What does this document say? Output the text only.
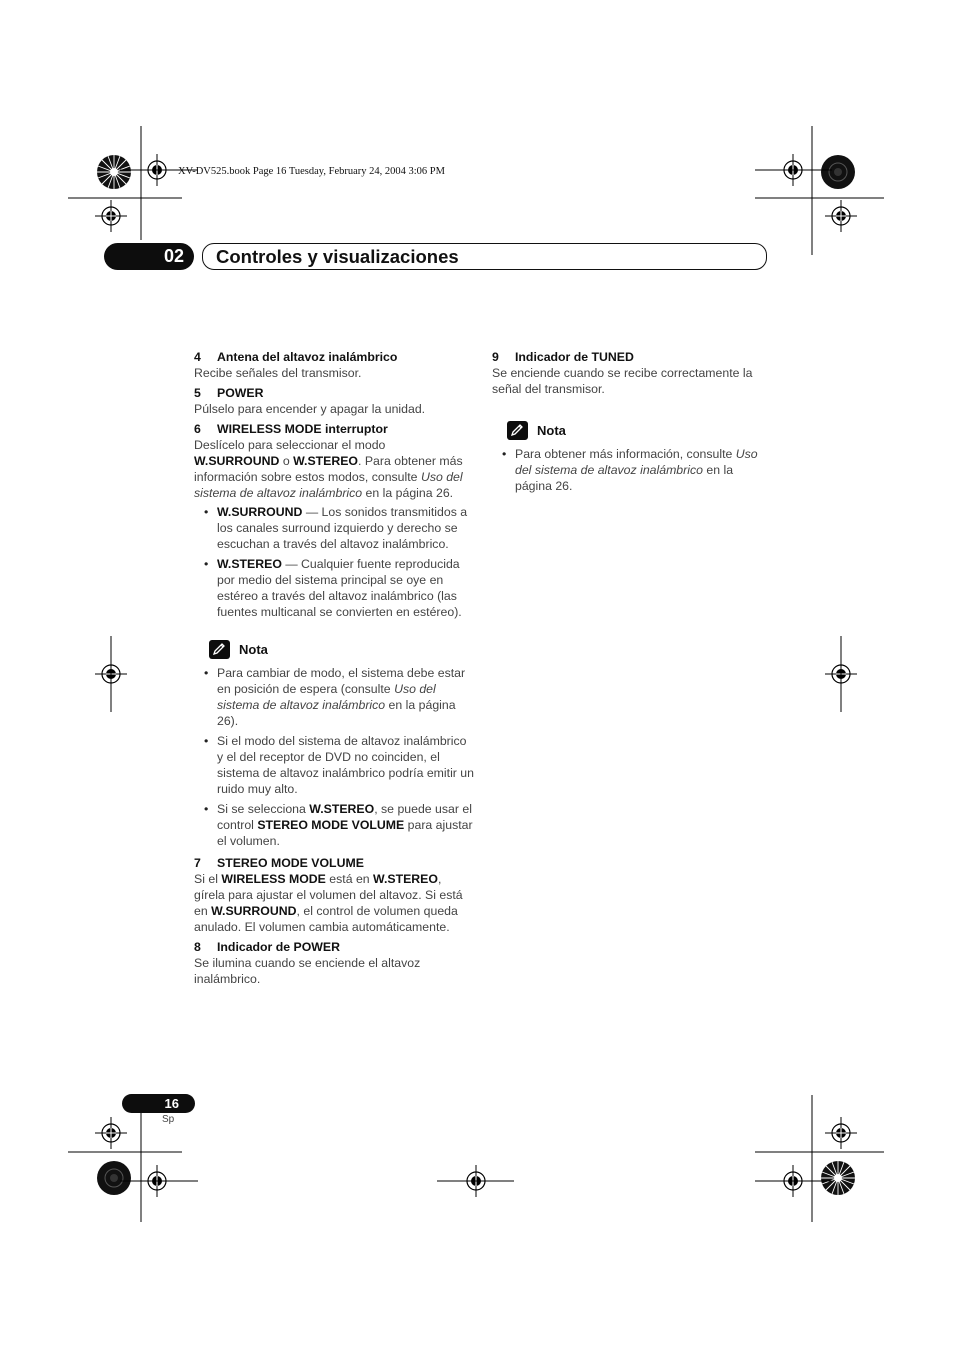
XV-DV525.book Page 16 Tuesday, February 24, 2004 3:06 PM
02	Controles y visualizaciones

4 Antena del altavoz inalámbrico

Recibe señales del transmisor.

5 POWER

Púlselo para encender y apagar la unidad.

6 WIRELESS MODE interruptor

Deslícelo para seleccionar el modo
W.SURROUND o W.STEREO. Para obtener más información sobre estos modos, consulte Uso del sistema de altavoz inalámbrico en la página 26.

• W.SURROUND — Los sonidos transmitidos a los canales surround izquierdo y derecho se escuchan a través del altavoz inalámbrico.
• W.STEREO — Cualquier fuente reproducida por medio del sistema principal se oye en estéreo a través del altavoz inalámbrico (las fuentes multicanal se convierten en estéreo).
Nota
• Para cambiar de modo, el sistema debe estar en posición de espera (consulte Uso del sistema de altavoz inalámbrico en la página 26).
• Si el modo del sistema de altavoz inalámbrico y el del receptor de DVD no coinciden, el sistema de altavoz inalámbrico podría emitir un ruido muy alto.
• Si se selecciona W.STEREO, se puede usar el control STEREO MODE VOLUME para ajustar el volumen.

7 STEREO MODE VOLUME

Si el WIRELESS MODE está en W.STEREO, gírela para ajustar el volumen del altavoz. Si está en W.SURROUND, el control de volumen queda anulado. El volumen cambia automáticamente.

8 Indicador de POWER

Se ilumina cuando se enciende el altavoz inalámbrico.

9 Indicador de TUNED

Se enciende cuando se recibe correctamente la señal del transmisor.

Nota
• Para obtener más información, consulte Uso del sistema de altavoz inalámbrico en la página 26.
16
Sp
